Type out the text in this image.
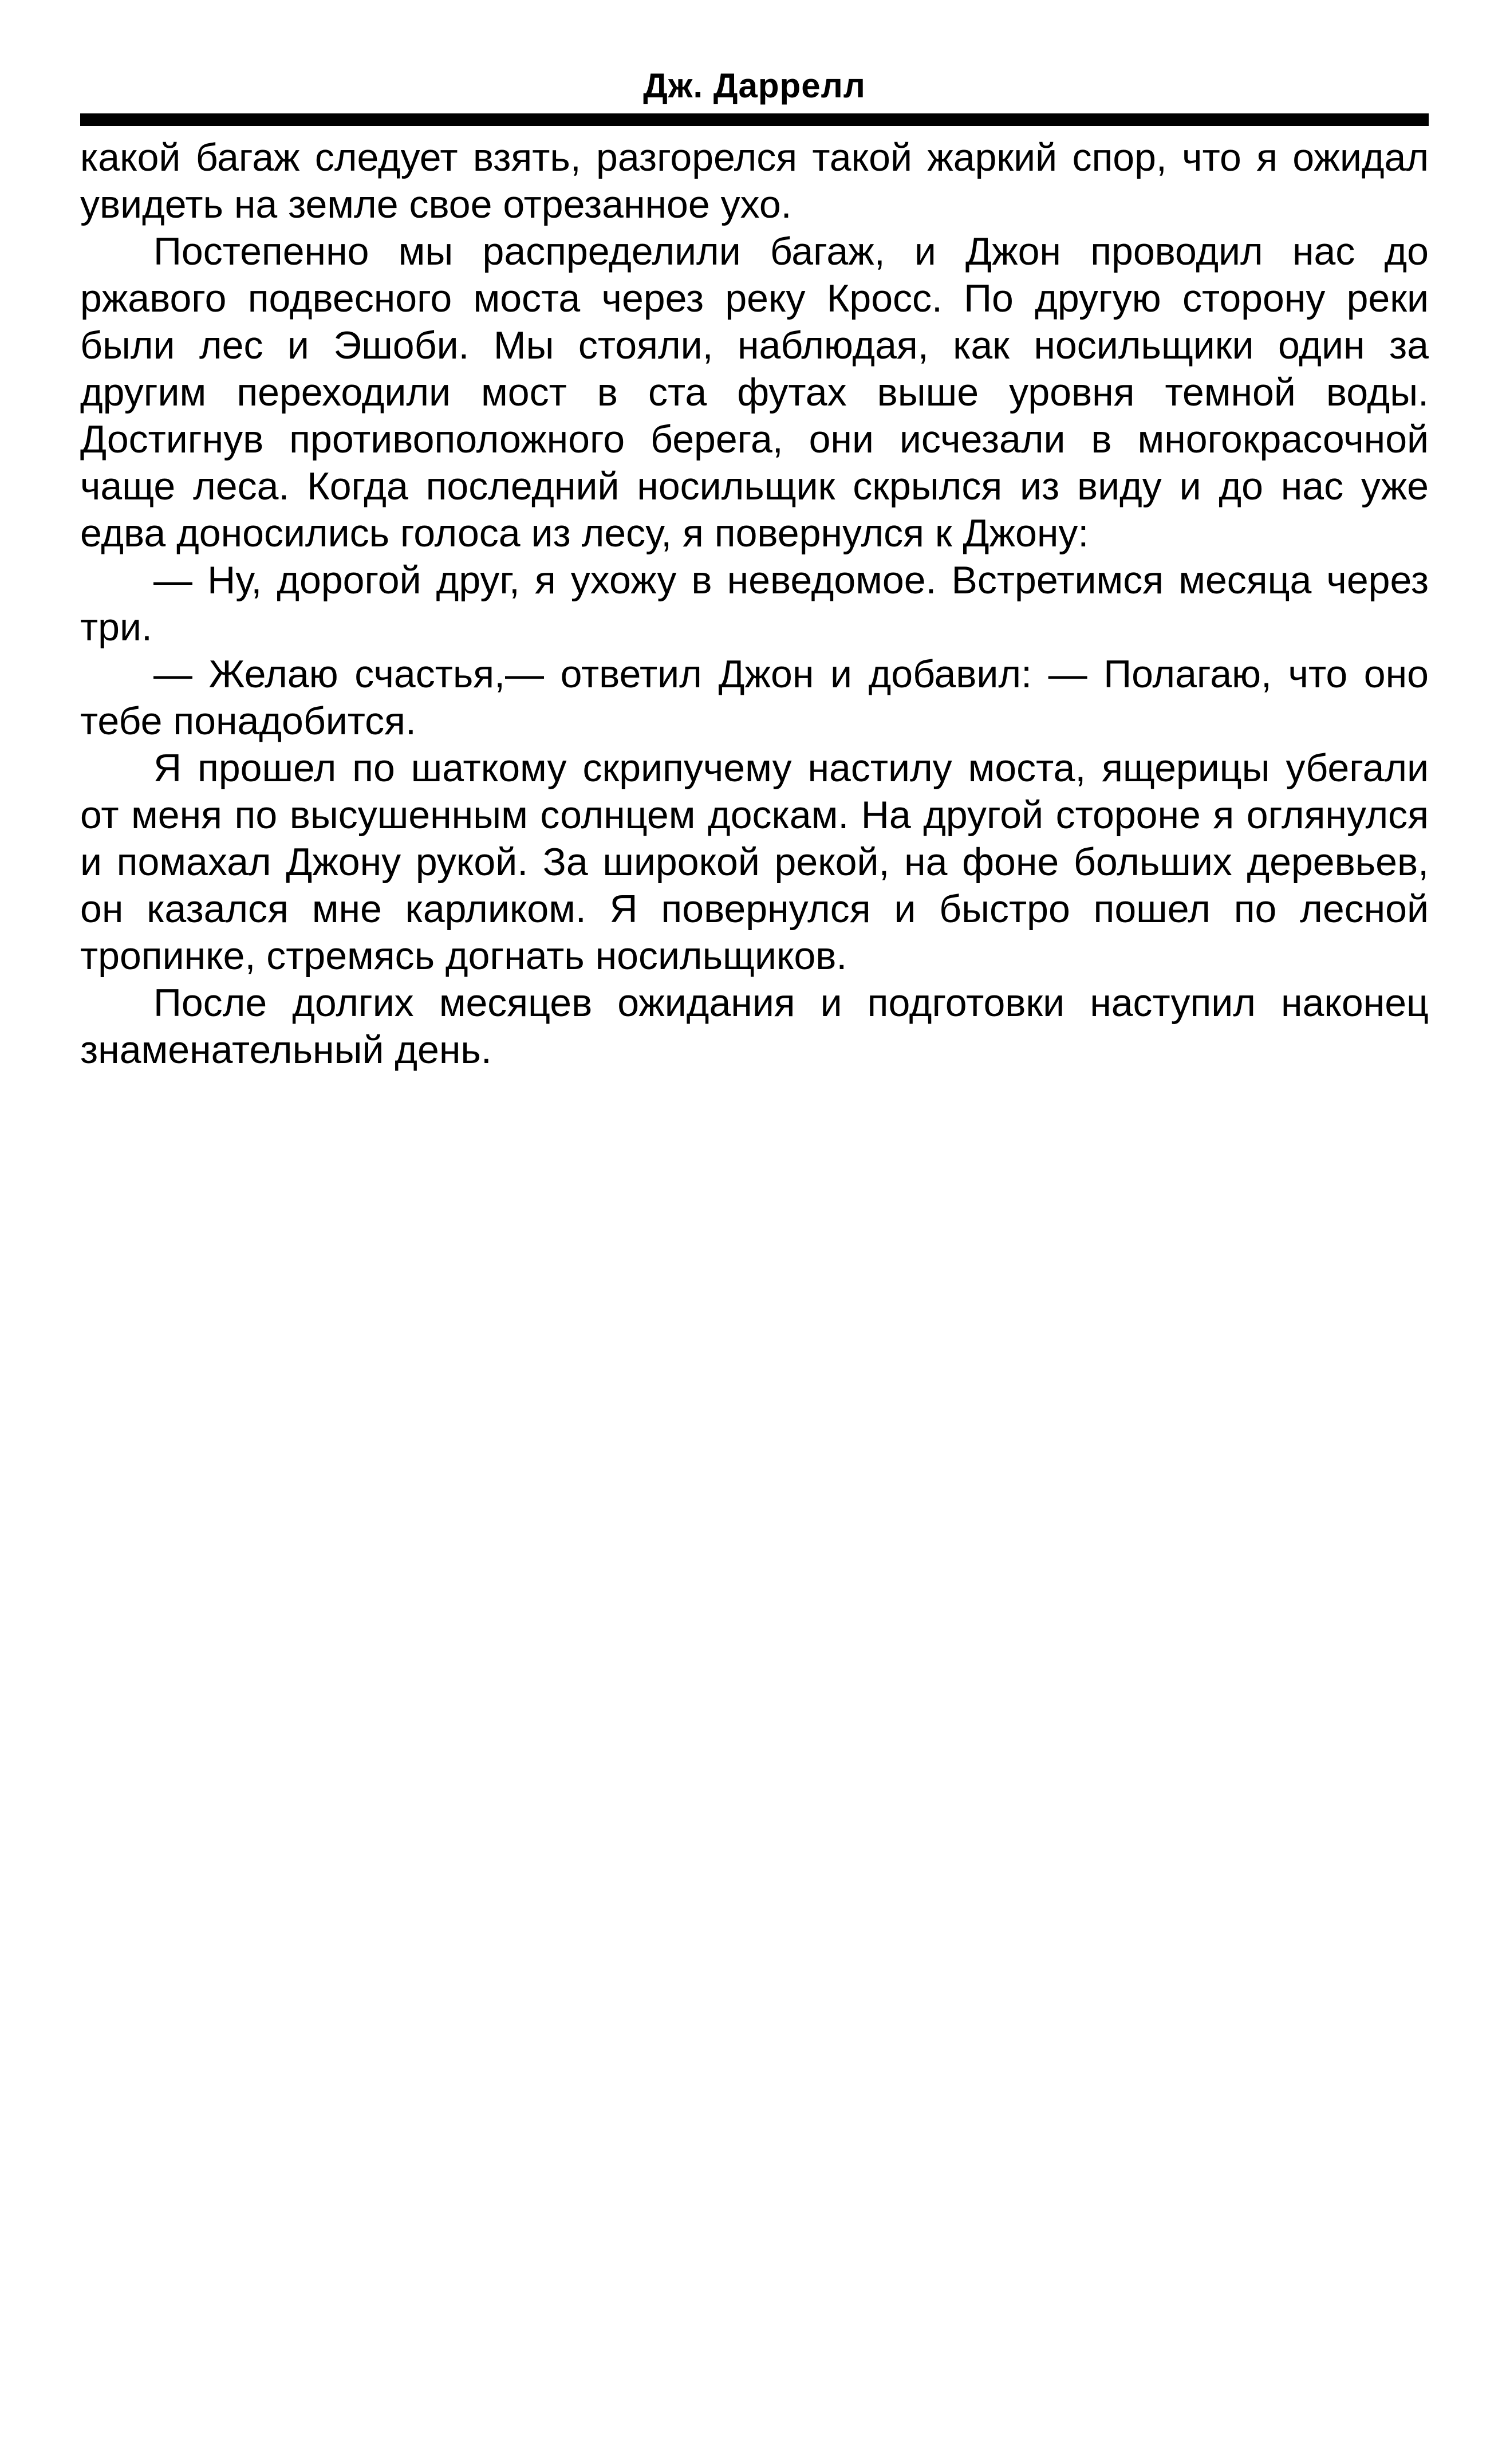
Дж. Даррелл

какой багаж следует взять, разгорелся такой жаркий спор, что я ожидал увидеть на земле свое отрезанное ухо.

Постепенно мы распределили багаж, и Джон проводил нас до ржавого подвесного моста через реку Кросс. По другую сторону реки были лес и Эшоби. Мы стояли, наблюдая, как носильщики один за другим переходили мост в ста футах выше уровня темной воды. Достигнув противоположного берега, они исчезали в многокрасочной чаще леса. Когда последний носильщик скрылся из виду и до нас уже едва доносились голоса из лесу, я повернулся к Джону:

— Ну, дорогой друг, я ухожу в неведомое. Встретимся месяца через три.

— Желаю счастья,— ответил Джон и добавил: — Полагаю, что оно тебе понадобится.

Я прошел по шаткому скрипучему настилу моста, ящерицы убегали от меня по высушенным солнцем доскам. На другой стороне я оглянулся и помахал Джону рукой. За широкой рекой, на фоне больших деревьев, он казался мне карликом. Я повернулся и быстро пошел по лесной тропинке, стремясь догнать носильщиков.

После долгих месяцев ожидания и подготовки наступил наконец знаменательный день.
